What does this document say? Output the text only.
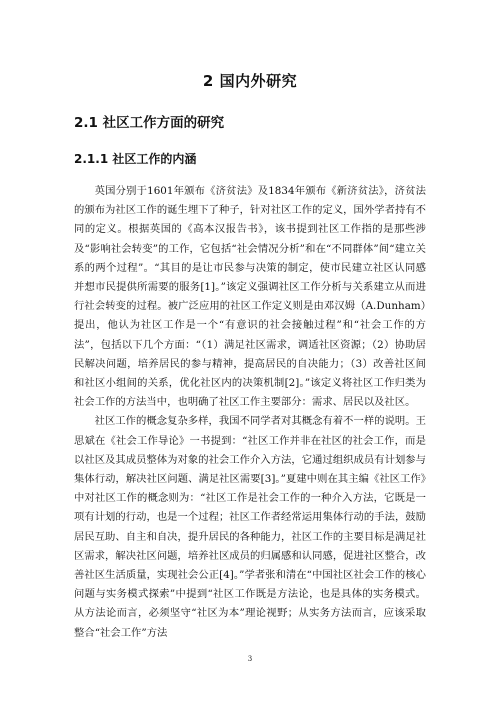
2 国内外研究
2.1 社区工作方面的研究
2.1.1 社区工作的内涵

英国分别于1601年颁布《济贫法》及1834年颁布《新济贫法》，济贫法的颁布为社区工作的诞生埋下了种子，针对社区工作的定义，国外学者持有不同的定义。根据英国的《高本汉报告书》，该书提到社区工作指的是那些涉及“影响社会转变”的工作，它包括“社会情况分析”和在“不同群体”间“建立关系的两个过程”。“其目的是让市民参与决策的制定，使市民建立社区认同感并想市民提供所需要的服务[1]。”该定义强调社区工作分析与关系建立从而进行社会转变的过程。被广泛应用的社区工作定义则是由邓汉姆（A.Dunham）提出，他认为社区工作是一个“有意识的社会接触过程”和“社会工作的方法”，包括以下几个方面：“（1）满足社区需求，调适社区资源；（2）协助居民解决问题，培养居民的参与精神，提高居民的自决能力；（3）改善社区间和社区小组间的关系，优化社区内的决策机制[2]。”该定义将社区工作归类为社会工作的方法当中，也明确了社区工作主要部分：需求、居民以及社区。

社区工作的概念复杂多样，我国不同学者对其概念有着不一样的说明。王思斌在《社会工作导论》一书提到：“社区工作并非在社区的社会工作，而是以社区及其成员整体为对象的社会工作介入方法，它通过组织成员有计划参与集体行动，解决社区问题、满足社区需要[3]。”夏建中则在其主编《社区工作》中对社区工作的概念则为：“社区工作是社会工作的一种介入方法，它既是一项有计划的行动，也是一个过程；社区工作者经常运用集体行动的手法，鼓励居民互助、自主和自决，提升居民的各种能力，社区工作的主要目标是满足社区需求，解决社区问题，培养社区成员的归属感和认同感，促进社区整合，改善社区生活质量，实现社会公正[4]。”学者张和清在“中国社区社会工作的核心问题与实务模式探索”中提到“社区工作既是方法论，也是具体的实务模式。从方法论而言，必须坚守“社区为本”理论视野；从实务方法而言，应该采取整合“社会工作”方法

3
